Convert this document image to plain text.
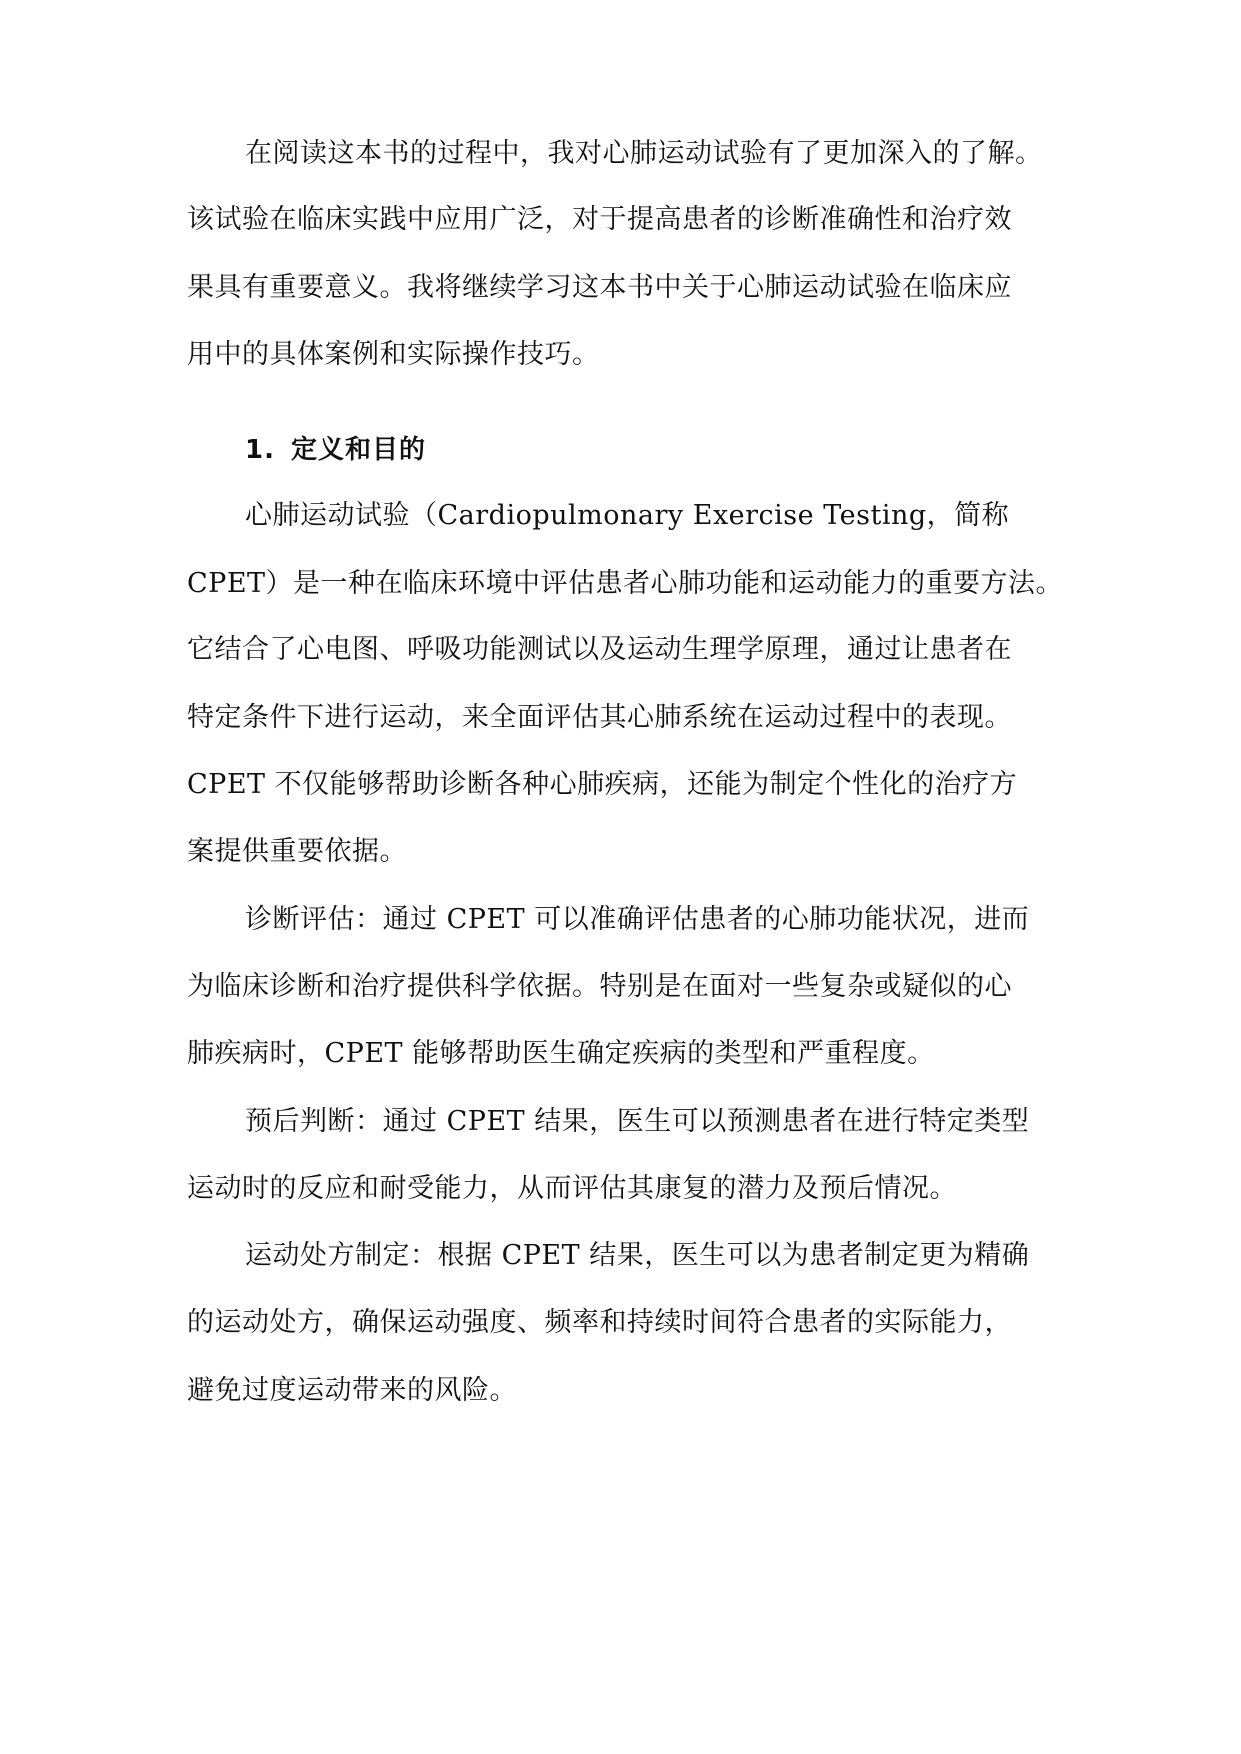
在阅读这本书的过程中，我对心肺运动试验有了更加深入的了解。
该试验在临床实践中应用广泛，对于提高患者的诊断准确性和治疗效
果具有重要意义。我将继续学习这本书中关于心肺运动试验在临床应
用中的具体案例和实际操作技巧。
1. 定义和目的
心肺运动试验（Cardiopulmonary Exercise Testing，简称
CPET）是一种在临床环境中评估患者心肺功能和运动能力的重要方法。
它结合了心电图、呼吸功能测试以及运动生理学原理，通过让患者在
特定条件下进行运动，来全面评估其心肺系统在运动过程中的表现。
CPET 不仅能够帮助诊断各种心肺疾病，还能为制定个性化的治疗方
案提供重要依据。
诊断评估：通过 CPET 可以准确评估患者的心肺功能状况，进而
为临床诊断和治疗提供科学依据。特别是在面对一些复杂或疑似的心
肺疾病时，CPET 能够帮助医生确定疾病的类型和严重程度。
预后判断：通过 CPET 结果，医生可以预测患者在进行特定类型
运动时的反应和耐受能力，从而评估其康复的潜力及预后情况。
运动处方制定：根据 CPET 结果，医生可以为患者制定更为精确
的运动处方，确保运动强度、频率和持续时间符合患者的实际能力，
避免过度运动带来的风险。
